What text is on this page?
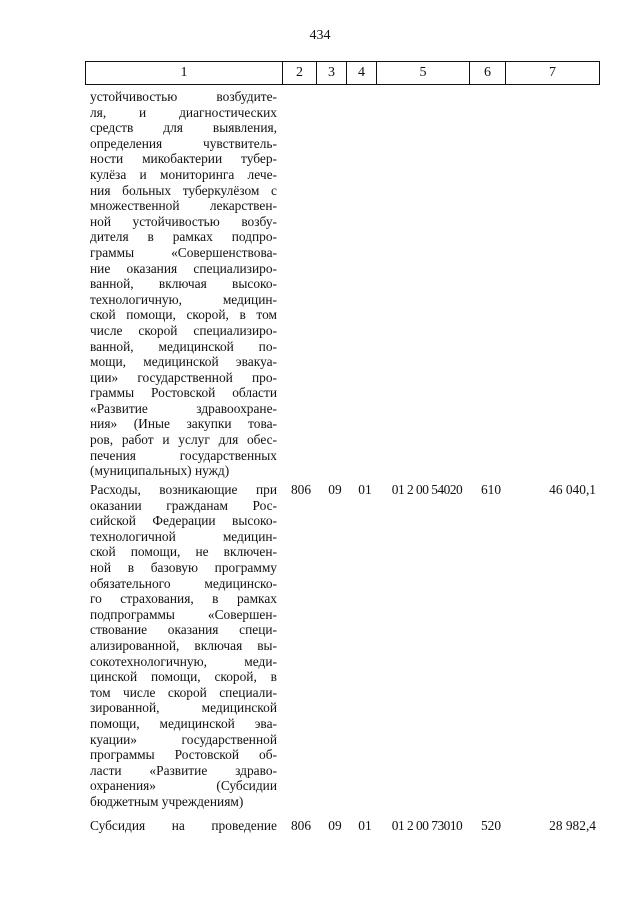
434
1	2	3	4	5	6	7
устойчивостью возбудите-
ля, и диагностических
средств для выявления,
определения чувствитель-
ности микобактерии тубер-
кулёза и мониторинга лече-
ния больных туберкулёзом с
множественной лекарствен-
ной устойчивостью возбу-
дителя в рамках подпро-
граммы «Совершенствова-
ние оказания специализиро-
ванной, включая высоко-
технологичную, медицин-
ской помощи, скорой, в том
числе скорой специализиро-
ванной, медицинской по-
мощи, медицинской эвакуа-
ции» государственной про-
граммы Ростовской области
«Развитие здравоохране-
ния» (Иные закупки това-
ров, работ и услуг для обес-
печения государственных
(муниципальных) нужд)
Расходы, возникающие при
оказании гражданам Рос-
сийской Федерации высоко-
технологичной медицин-
ской помощи, не включен-
ной в базовую программу
обязательного медицинско-
го страхования, в рамках
подпрограммы «Совершен-
ствование оказания специ-
ализированной, включая вы-
сокотехнологичную, меди-
цинской помощи, скорой, в
том числе скорой специали-
зированной, медицинской
помощи, медицинской эва-
куации» государственной
программы Ростовской об-
ласти «Развитие здраво-
охранения» (Субсидии
бюджетным учреждениям)
806	09	01	01 2 00 54020	610	46 040,1
Субсидия на проведение 806	09	01	01 2 00 73010	520	28 982,4
